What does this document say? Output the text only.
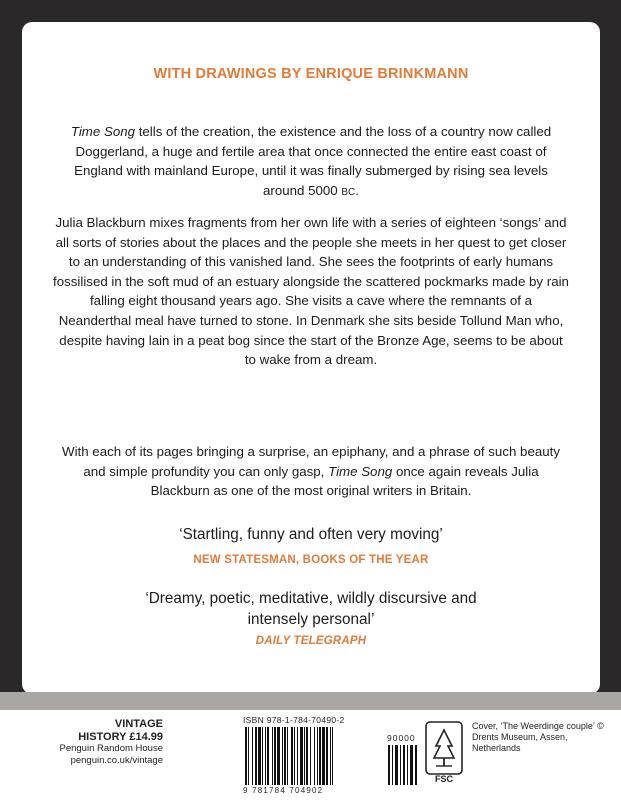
WITH DRAWINGS BY ENRIQUE BRINKMANN

Time Song tells of the creation, the existence and the loss of a country now called Doggerland, a huge and fertile area that once connected the entire east coast of England with mainland Europe, until it was finally submerged by rising sea levels around 5000 BC.

Julia Blackburn mixes fragments from her own life with a series of eighteen ‘songs’ and all sorts of stories about the places and the people she meets in her quest to get closer to an understanding of this vanished land. She sees the footprints of early humans fossilised in the soft mud of an estuary alongside the scattered pockmarks made by rain falling eight thousand years ago. She visits a cave where the remnants of a Neanderthal meal have turned to stone. In Denmark she sits beside Tollund Man who, despite having lain in a peat bog since the start of the Bronze Age, seems to be about to wake from a dream.

With each of its pages bringing a surprise, an epiphany, and a phrase of such beauty and simple profundity you can only gasp, Time Song once again reveals Julia Blackburn as one of the most original writers in Britain.

‘Startling, funny and often very moving’

NEW STATESMAN, BOOKS OF THE YEAR

‘Dreamy, poetic, meditative, wildly discursive and intensely personal’

DAILY TELEGRAPH
VINTAGE
HISTORY £14.99
Penguin Random House
penguin.co.uk/vintage
ISBN 978-1-784-70490-2
9 781784 704902
90000
FSC
Cover, ‘The Weerdinge couple’ © Drents Museum, Assen, Netherlands
